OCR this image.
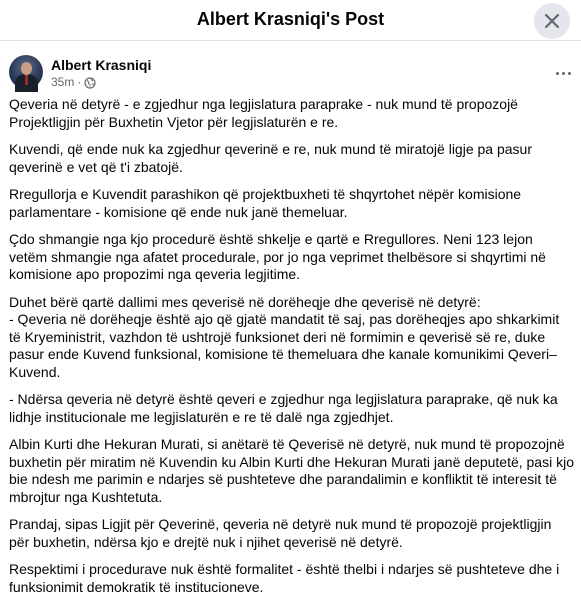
Albert Krasniqi's Post
Albert Krasniqi
35m ·

Qeveria në detyrë - e zgjedhur nga legjislatura paraprake - nuk mund të propozojë Projektligjin për Buxhetin Vjetor për legjislaturën e re.

Kuvendi, që ende nuk ka zgjedhur qeverinë e re, nuk mund të miratojë ligje pa pasur qeverinë e vet që t'i zbatojë.

Rregullorja e Kuvendit parashikon që projektbuxheti të shqyrtohet nëpër komisione parlamentare - komisione që ende nuk janë themeluar.

Çdo shmangie nga kjo procedurë është shkelje e qartë e Rregullores. Neni 123 lejon vetëm shmangie nga afatet procedurale, por jo nga veprimet thelbësore si shqyrtimi në komisione apo propozimi nga qeveria legjitime.

Duhet bërë qartë dallimi mes qeverisë në dorëheqje dhe qeverisë në detyrë:

- Qeveria në dorëheqje është ajo që gjatë mandatit të saj, pas dorëheqjes apo shkarkimit të Kryeministrit, vazhdon të ushtrojë funksionet deri në formimin e qeverisë së re, duke pasur ende Kuvend funksional, komisione të themeluara dhe kanale komunikimi Qeveri–Kuvend.

- Ndërsa qeveria në detyrë është qeveri e zgjedhur nga legjislatura paraprake, që nuk ka lidhje institucionale me legjislaturën e re të dalë nga zgjedhjet.

Albin Kurti dhe Hekuran Murati, si anëtarë të Qeverisë në detyrë, nuk mund të propozojnë buxhetin për miratim në Kuvendin ku Albin Kurti dhe Hekuran Murati janë deputetë, pasi kjo bie ndesh me parimin e ndarjes së pushteteve dhe parandalimin e konfliktit të interesit të mbrojtur nga Kushtetuta.

Prandaj, sipas Ligjit për Qeverinë, qeveria në detyrë nuk mund të propozojë projektligjin për buxhetin, ndërsa kjo e drejtë nuk i njihet qeverisë në detyrë.

Respektimi i procedurave nuk është formalitet - është thelbi i ndarjes së pushteteve dhe i funksionimit demokratik të institucioneve.
